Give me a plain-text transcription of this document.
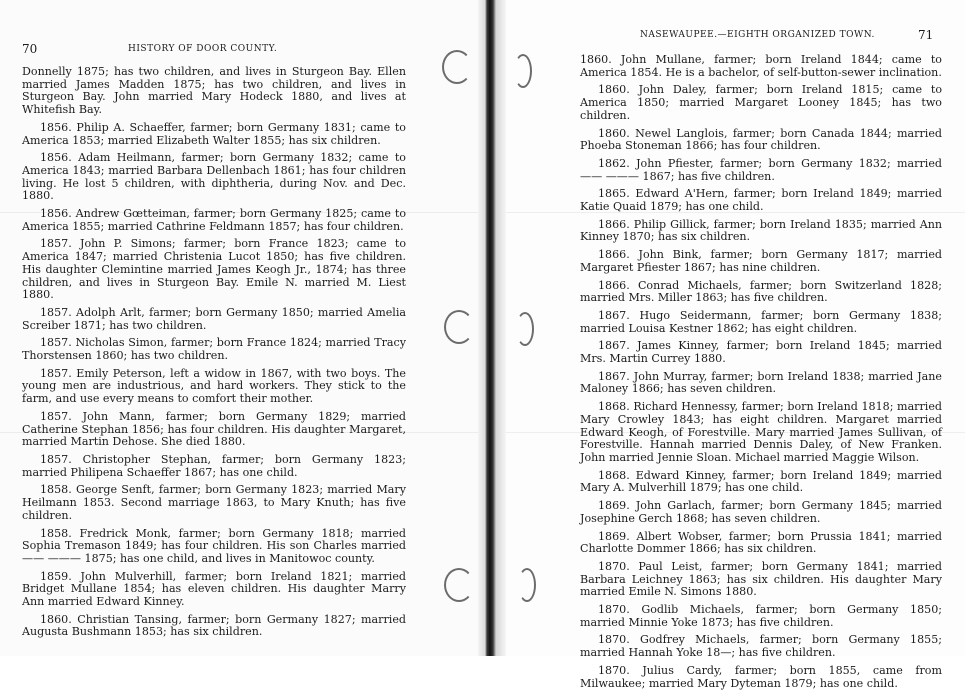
70	HISTORY OF DOOR COUNTY.

Donnelly 1875; has two children, and lives in Sturgeon Bay. Ellen married James Madden 1875; has two children, and lives in Sturgeon Bay. John married Mary Hodeck 1880, and lives at Whitefish Bay.

1856. Philip A. Schaeffer, farmer; born Germany 1831; came to America 1853; married Elizabeth Walter 1855; has six children.

1856. Adam Heilmann, farmer; born Germany 1832; came to America 1843; married Barbara Dellenbach 1861; has four children living. He lost 5 children, with diphtheria, during Nov. and Dec. 1880.

1856. Andrew Gœtteiman, farmer; born Germany 1825; came to America 1855; married Cathrine Feldmann 1857; has four children.

1857. John P. Simons; farmer; born France 1823; came to America 1847; married Christenia Lucot 1850; has five children. His daughter Clemintine married James Keogh Jr., 1874; has three children, and lives in Sturgeon Bay. Emile N. married M. Liest 1880.

1857. Adolph Arlt, farmer; born Germany 1850; married Amelia Screiber 1871; has two children.

1857. Nicholas Simon, farmer; born France 1824; married Tracy Thorstensen 1860; has two children.

1857. Emily Peterson, left a widow in 1867, with two boys. The young men are industrious, and hard workers. They stick to the farm, and use every means to comfort their mother.

1857. John Mann, farmer; born Germany 1829; married Catherine Stephan 1856; has four children. His daughter Margaret, married Martin Dehose. She died 1880.

1857. Christopher Stephan, farmer; born Germany 1823; married Philipena Schaeffer 1867; has one child.

1858. George Senft, farmer; born Germany 1823; married Mary Heilmann 1853. Second marriage 1863, to Mary Knuth; has five children.

1858. Fredrick Monk, farmer; born Germany 1818; married Sophia Tremason 1849; has four children. His son Charles married —— ——— 1875; has one child, and lives in Manitowoc county.

1859. John Mulverhill, farmer; born Ireland 1821; married Bridget Mullane 1854; has eleven children. His daughter Marry Ann married Edward Kinney.

1860. Christian Tansing, farmer; born Germany 1827; married Augusta Bushmann 1853; has six children.

NASEWAUPEE.—EIGHTH ORGANIZED TOWN.	71

1860. John Mullane, farmer; born Ireland 1844; came to America 1854. He is a bachelor, of self-button-sewer inclination.

1860. John Daley, farmer; born Ireland 1815; came to America 1850; married Margaret Looney 1845; has two children.

1860. Newel Langlois, farmer; born Canada 1844; married Phoeba Stoneman 1866; has four children.

1862. John Pfiester, farmer; born Germany 1832; married —— ——— 1867; has five children.

1865. Edward A'Hern, farmer; born Ireland 1849; married Katie Quaid 1879; has one child.

1866. Philip Gillick, farmer; born Ireland 1835; married Ann Kinney 1870; has six children.

1866. John Bink, farmer; born Germany 1817; married Margaret Pfiester 1867; has nine children.

1866. Conrad Michaels, farmer; born Switzerland 1828; married Mrs. Miller 1863; has five children.

1867. Hugo Seidermann, farmer; born Germany 1838; married Louisa Kestner 1862; has eight children.

1867. James Kinney, farmer; born Ireland 1845; married Mrs. Martin Currey 1880.

1867. John Murray, farmer; born Ireland 1838; married Jane Maloney 1866; has seven children.

1868. Richard Hennessy, farmer; born Ireland 1818; married Mary Crowley 1843; has eight children. Margaret married Edward Keogh, of Forestville. Mary married James Sullivan, of Forestville. Hannah married Dennis Daley, of New Franken. John married Jennie Sloan. Michael married Maggie Wilson.

1868. Edward Kinney, farmer; born Ireland 1849; married Mary A. Mulverhill 1879; has one child.

1869. John Garlach, farmer; born Germany 1845; married Josephine Gerch 1868; has seven children.

1869. Albert Wobser, farmer; born Prussia 1841; married Charlotte Dommer 1866; has six children.

1870. Paul Leist, farmer; born Germany 1841; married Barbara Leichney 1863; has six children. His daughter Mary married Emile N. Simons 1880.

1870. Godlib Michaels, farmer; born Germany 1850; married Minnie Yoke 1873; has five children.

1870. Godfrey Michaels, farmer; born Germany 1855; married Hannah Yoke 18—; has five children.

1870. Julius Cardy, farmer; born 1855, came from Milwaukee; married Mary Dyteman 1879; has one child.
